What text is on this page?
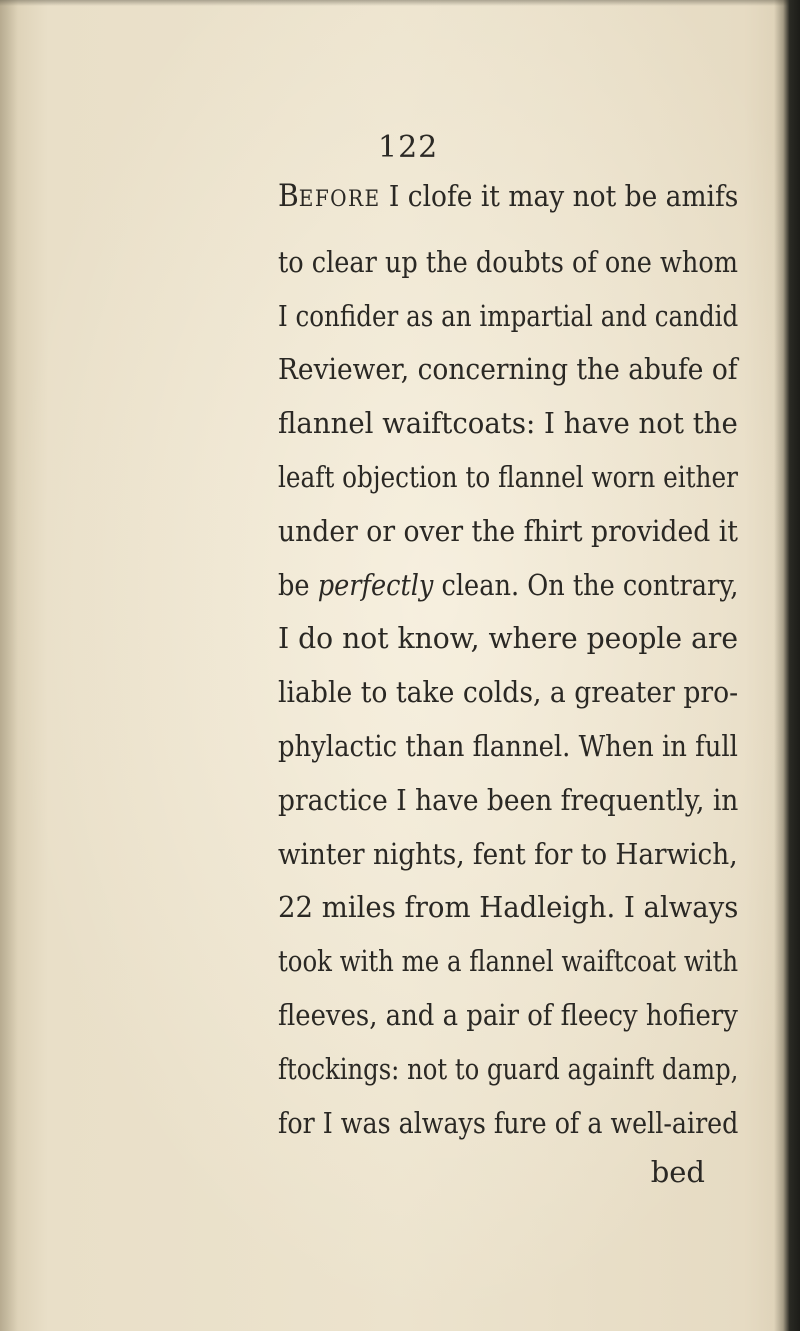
122
BEFORE I clofe it may not be amifs
to clear up the doubts of one whom
I confider as an impartial and candid
Reviewer, concerning the abufe of
flannel waiftcoats: I have not the
leaft objection to flannel worn either
under or over the fhirt provided it
be perfectly clean. On the contrary,
I do not know, where people are
liable to take colds, a greater pro-
phylactic than flannel. When in full
practice I have been frequently, in
winter nights, fent for to Harwich,
22 miles from Hadleigh. I always
took with me a flannel waiftcoat with
fleeves, and a pair of fleecy hofiery
ftockings: not to guard againft damp,
for I was always fure of a well-aired
bed
